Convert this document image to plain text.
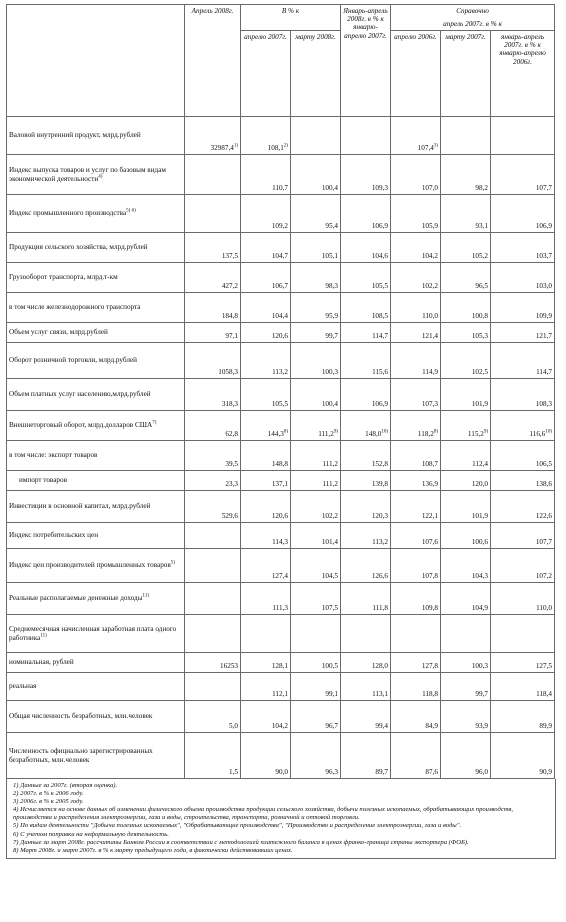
	Апрель 2008г.	В % к		Январь-апрель 2008г. в % к январю-апрелю 2007г.	Справочно
апрель 2007г. в % к		

		апрелю 2007г.	марту 2008г.		апрелю 2006г.	марту 2007г.	январь-апрель 2007г. в % к январю-апрелю 2006г.
Валовой внутренний продукт, млрд.рублей	32987,4$^{1)}$	108,1$^{2)}$			107,4$^{3)}$		
Индекс выпуска товаров и услуг по базовым видам экономической деятельности$^{4)}$		110,7	100,4	109,3	107,0	98,2	107,7
Индекс промышленного производства$^{5) 6)}$		109,2	95,4	106,9	105,9	93,1	106,9
Продукция сельского хозяйства, млрд.рублей	137,5	104,7	105,1	104,6	104,2	105,2	103,7
Грузооборот транспорта, млрд.т-км	427,2	106,7	98,3	105,5	102,2	96,5	103,0
в том числе железнодорожного транспорта	184,8	104,4	95,9	108,5	110,0	100,8	109,9
Объем услуг связи, млрд.рублей	97,1	120,6	99,7	114,7	121,4	105,3	121,7
Оборот розничной торговли, млрд.рублей	1058,3	113,2	100,3	115,6	114,9	102,5	114,7
Объем платных услуг населению,млрд.рублей	318,3	105,5	100,4	106,9	107,3	101,9	108,3
Внешнеторговый оборот, млрд.долларов США$^{7)}$	62,8	144,3$^{8)}$	111,2$^{9)}$	148,0$^{10)}$	118,2$^{8)}$	115,2$^{9)}$	116,6$^{10)}$
в том числе: экспорт товаров	39,5	148,8	111,2	152,8	108,7	112,4	106,5
импорт товаров	23,3	137,1	111,2	139,8	136,9	120,0	138,6
Инвестиции в основной капитал, млрд.рублей	529,6	120,6	102,2	120,3	122,1	101,9	122,6
Индекс потребительских цен		114,3	101,4	113,2	107,6	100,6	107,7
Индекс цен производителей промышленных товаров$^{5)}$		127,4	104,5	126,6	107,8	104,3	107,2
Реальные располагаемые денежные доходы$^{11)}$		111,3	107,5	111,8	109,8	104,9	110,0
Среднемесячная начисленная заработная плата одного работника$^{11)}$							
номинальная, рублей	16253	128,1	100,5	128,0	127,8	100,3	127,5
реальная		112,1	99,1	113,1	118,8	99,7	118,4
Общая численность безработных, млн.человек	5,0	104,2	96,7	99,4	84,9	93,9	89,9
Численность официально зарегистрированных безработных, млн.человек	1,5	90,0	96,3	89,7	87,6	96,0	90,9
1) Данные за 2007г. (вторая оценка).
2) 2007г. в % к 2006 году.
3) 2006г. в % к 2005 году.
4) Исчисляется на основе данных об изменении физического объема производства продукции сельского хозяйства, добычи полезных ископаемых, обрабатывающих производств, производства и распределения электроэнергии, газа и воды, строительства, транспорта, розничной и оптовой торговли.
5) По видам деятельности "Добыча полезных ископаемых", "Обрабатывающие производства", "Производство и распределение электроэнергии, газа и воды".
6) С учетом поправки на неформальную деятельность.
7) Данные за март 2008г. рассчитаны Банком России в соответствии с методологией платежного баланса в ценах франко-граница страны экспортера (ФОБ).
8) Март 2008г. и март 2007г. в % к марту предыдущего года, в фактически действовавших ценах.
